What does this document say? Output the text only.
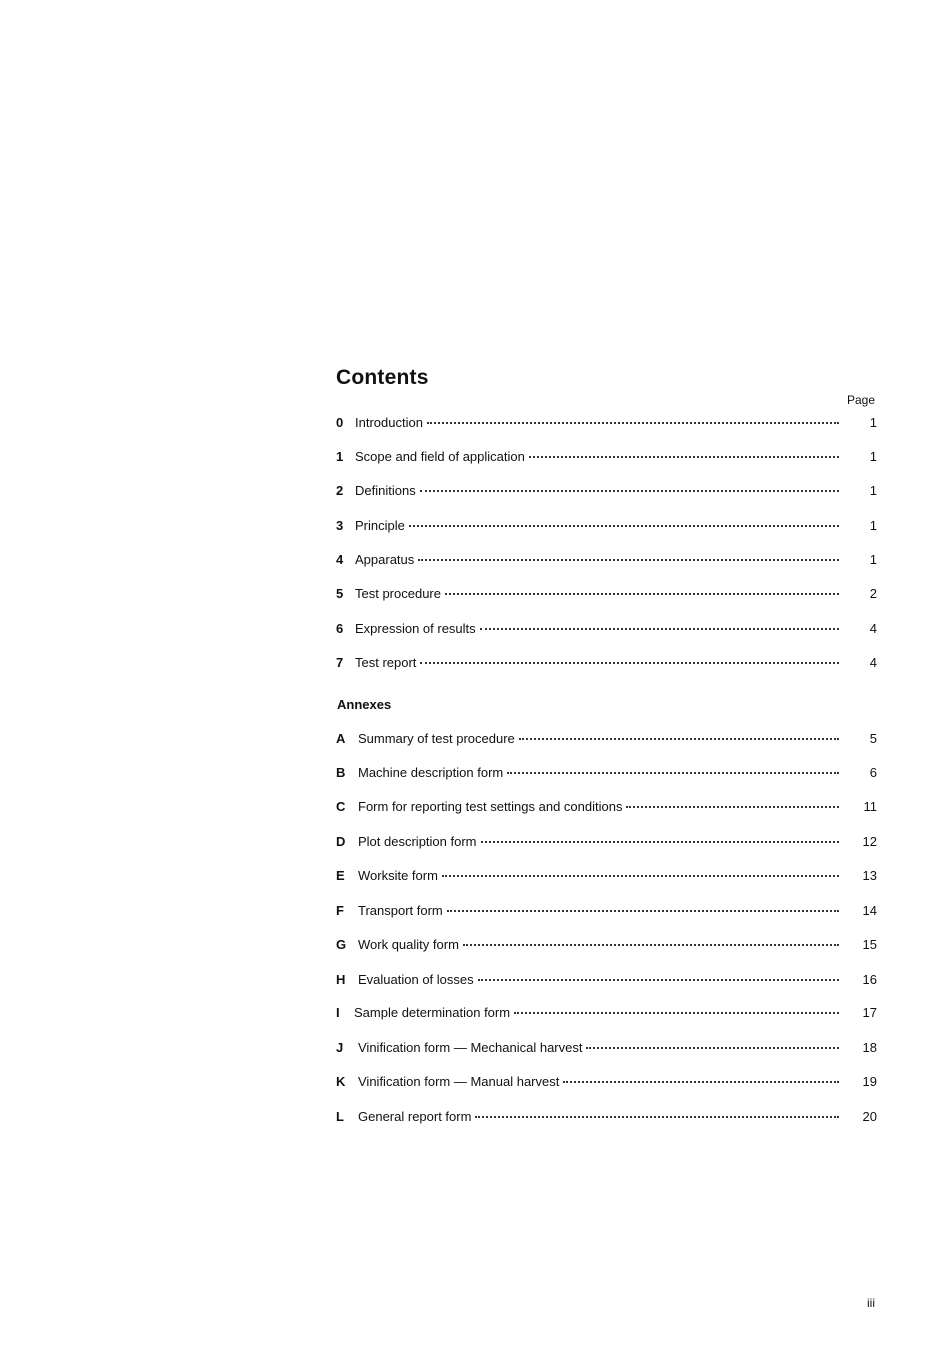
Contents
Page
0 Introduction	1
1 Scope and field of application	1
2 Definitions	1
3 Principle	1
4 Apparatus	1
5 Test procedure	2
6 Expression of results	4
7 Test report	4
Annexes
A Summary of test procedure	5
B Machine description form	6
C Form for reporting test settings and conditions	11
D Plot description form	12
E	Worksite form	13
F	Transport form	14
G Work quality form	15
H Evaluation of losses	16
I	Sample determination form	17
J	Vinification form — Mechanical harvest	18
K Vinification form — Manual harvest	19
L	General report form	20
iii
